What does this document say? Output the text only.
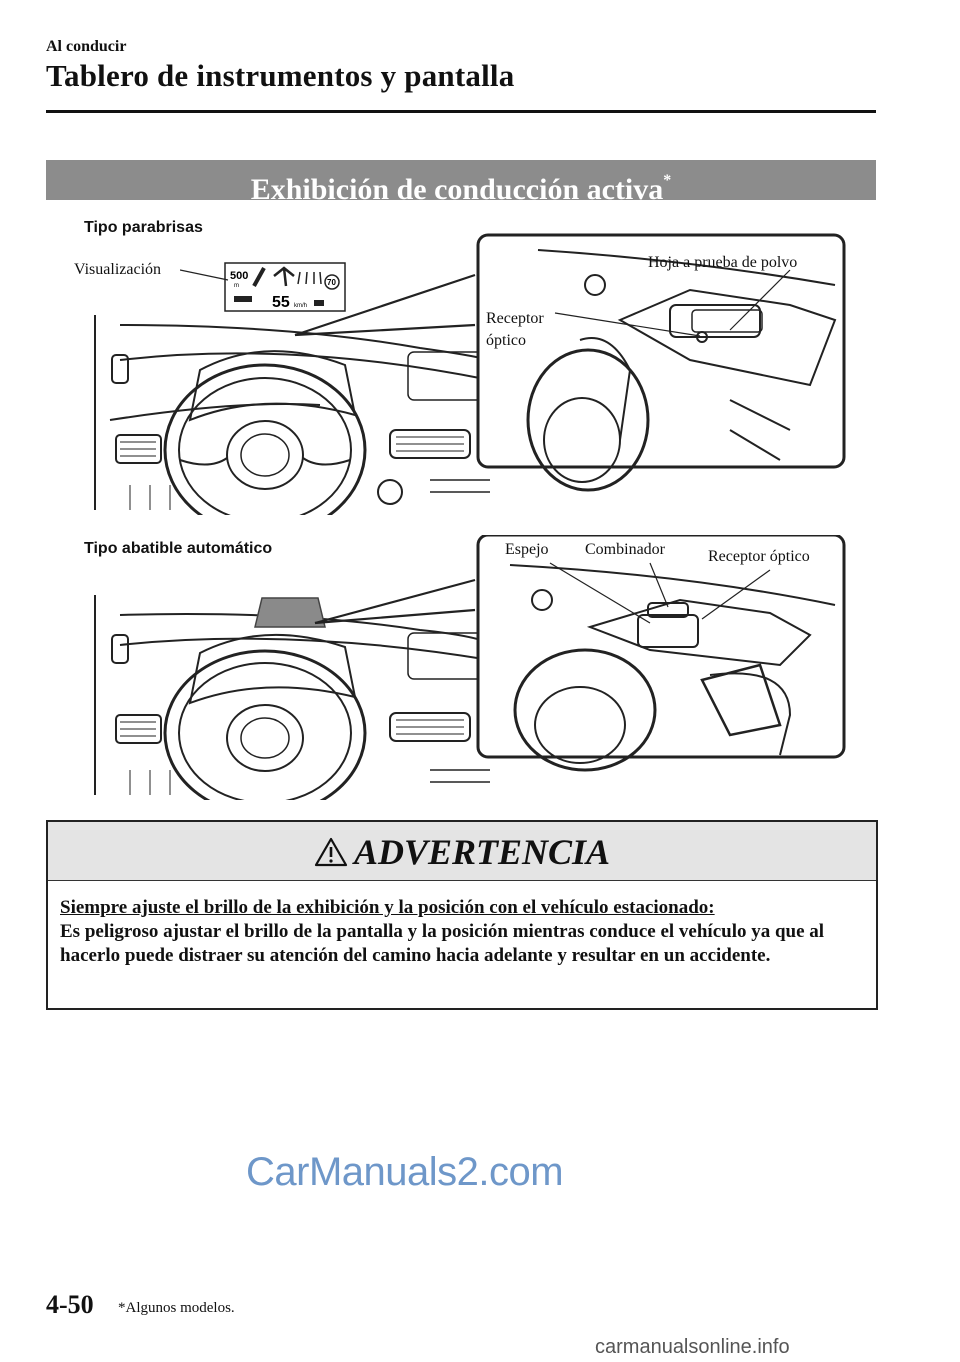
Al conducir
Tablero de instrumentos y pantalla
Exhibición de conducción activa*
Tipo parabrisas
500
m	70
55 km/h
Visualización	Hoja a prueba de polvo
Receptor
óptico
Tipo abatible automático	Espejo Combinador	Receptor óptico
ADVERTENCIA
Siempre ajuste el brillo de la exhibición y la posición con el vehículo estacionado:
Es peligroso ajustar el brillo de la pantalla y la posición mientras conduce el vehículo ya que al hacerlo puede distraer su atención del camino hacia adelante y resultar en un accidente.
CarManuals2.com
4-50 *Algunos modelos.
carmanualsonline.info
